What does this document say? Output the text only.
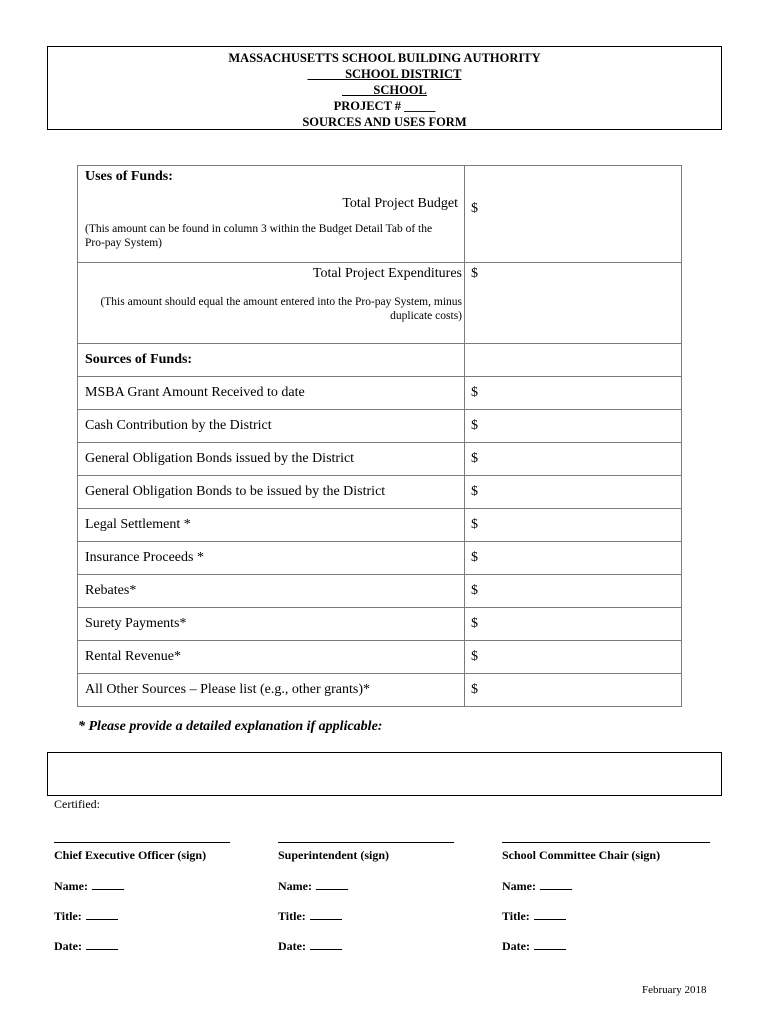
MASSACHUSETTS SCHOOL BUILDING AUTHORITY
______SCHOOL DISTRICT
_____SCHOOL
PROJECT # _____
SOURCES AND USES FORM
Uses of Funds:
Total Project Budget
(This amount can be found in column 3 within the Budget Detail Tab of the Pro-pay System)	$

Total Project Expenditures
(This amount should equal the amount entered into the Pro-pay System, minus duplicate costs)	$

Sources of Funds:	
MSBA Grant Amount Received to date	$
Cash Contribution by the District	$
General Obligation Bonds issued by the District	$
General Obligation Bonds to be issued by the District	$
Legal Settlement *	$
Insurance Proceeds *	$
Rebates*	$
Surety Payments*	$
Rental Revenue*	$
All Other Sources – Please list (e.g., other grants)*	$
* Please provide a detailed explanation if applicable:
Certified:
Chief Executive Officer (sign)
Name:
Title:
Date:
Superintendent (sign)
Name:
Title:
Date:
School Committee Chair (sign)
Name:
Title:
Date:
February 2018
